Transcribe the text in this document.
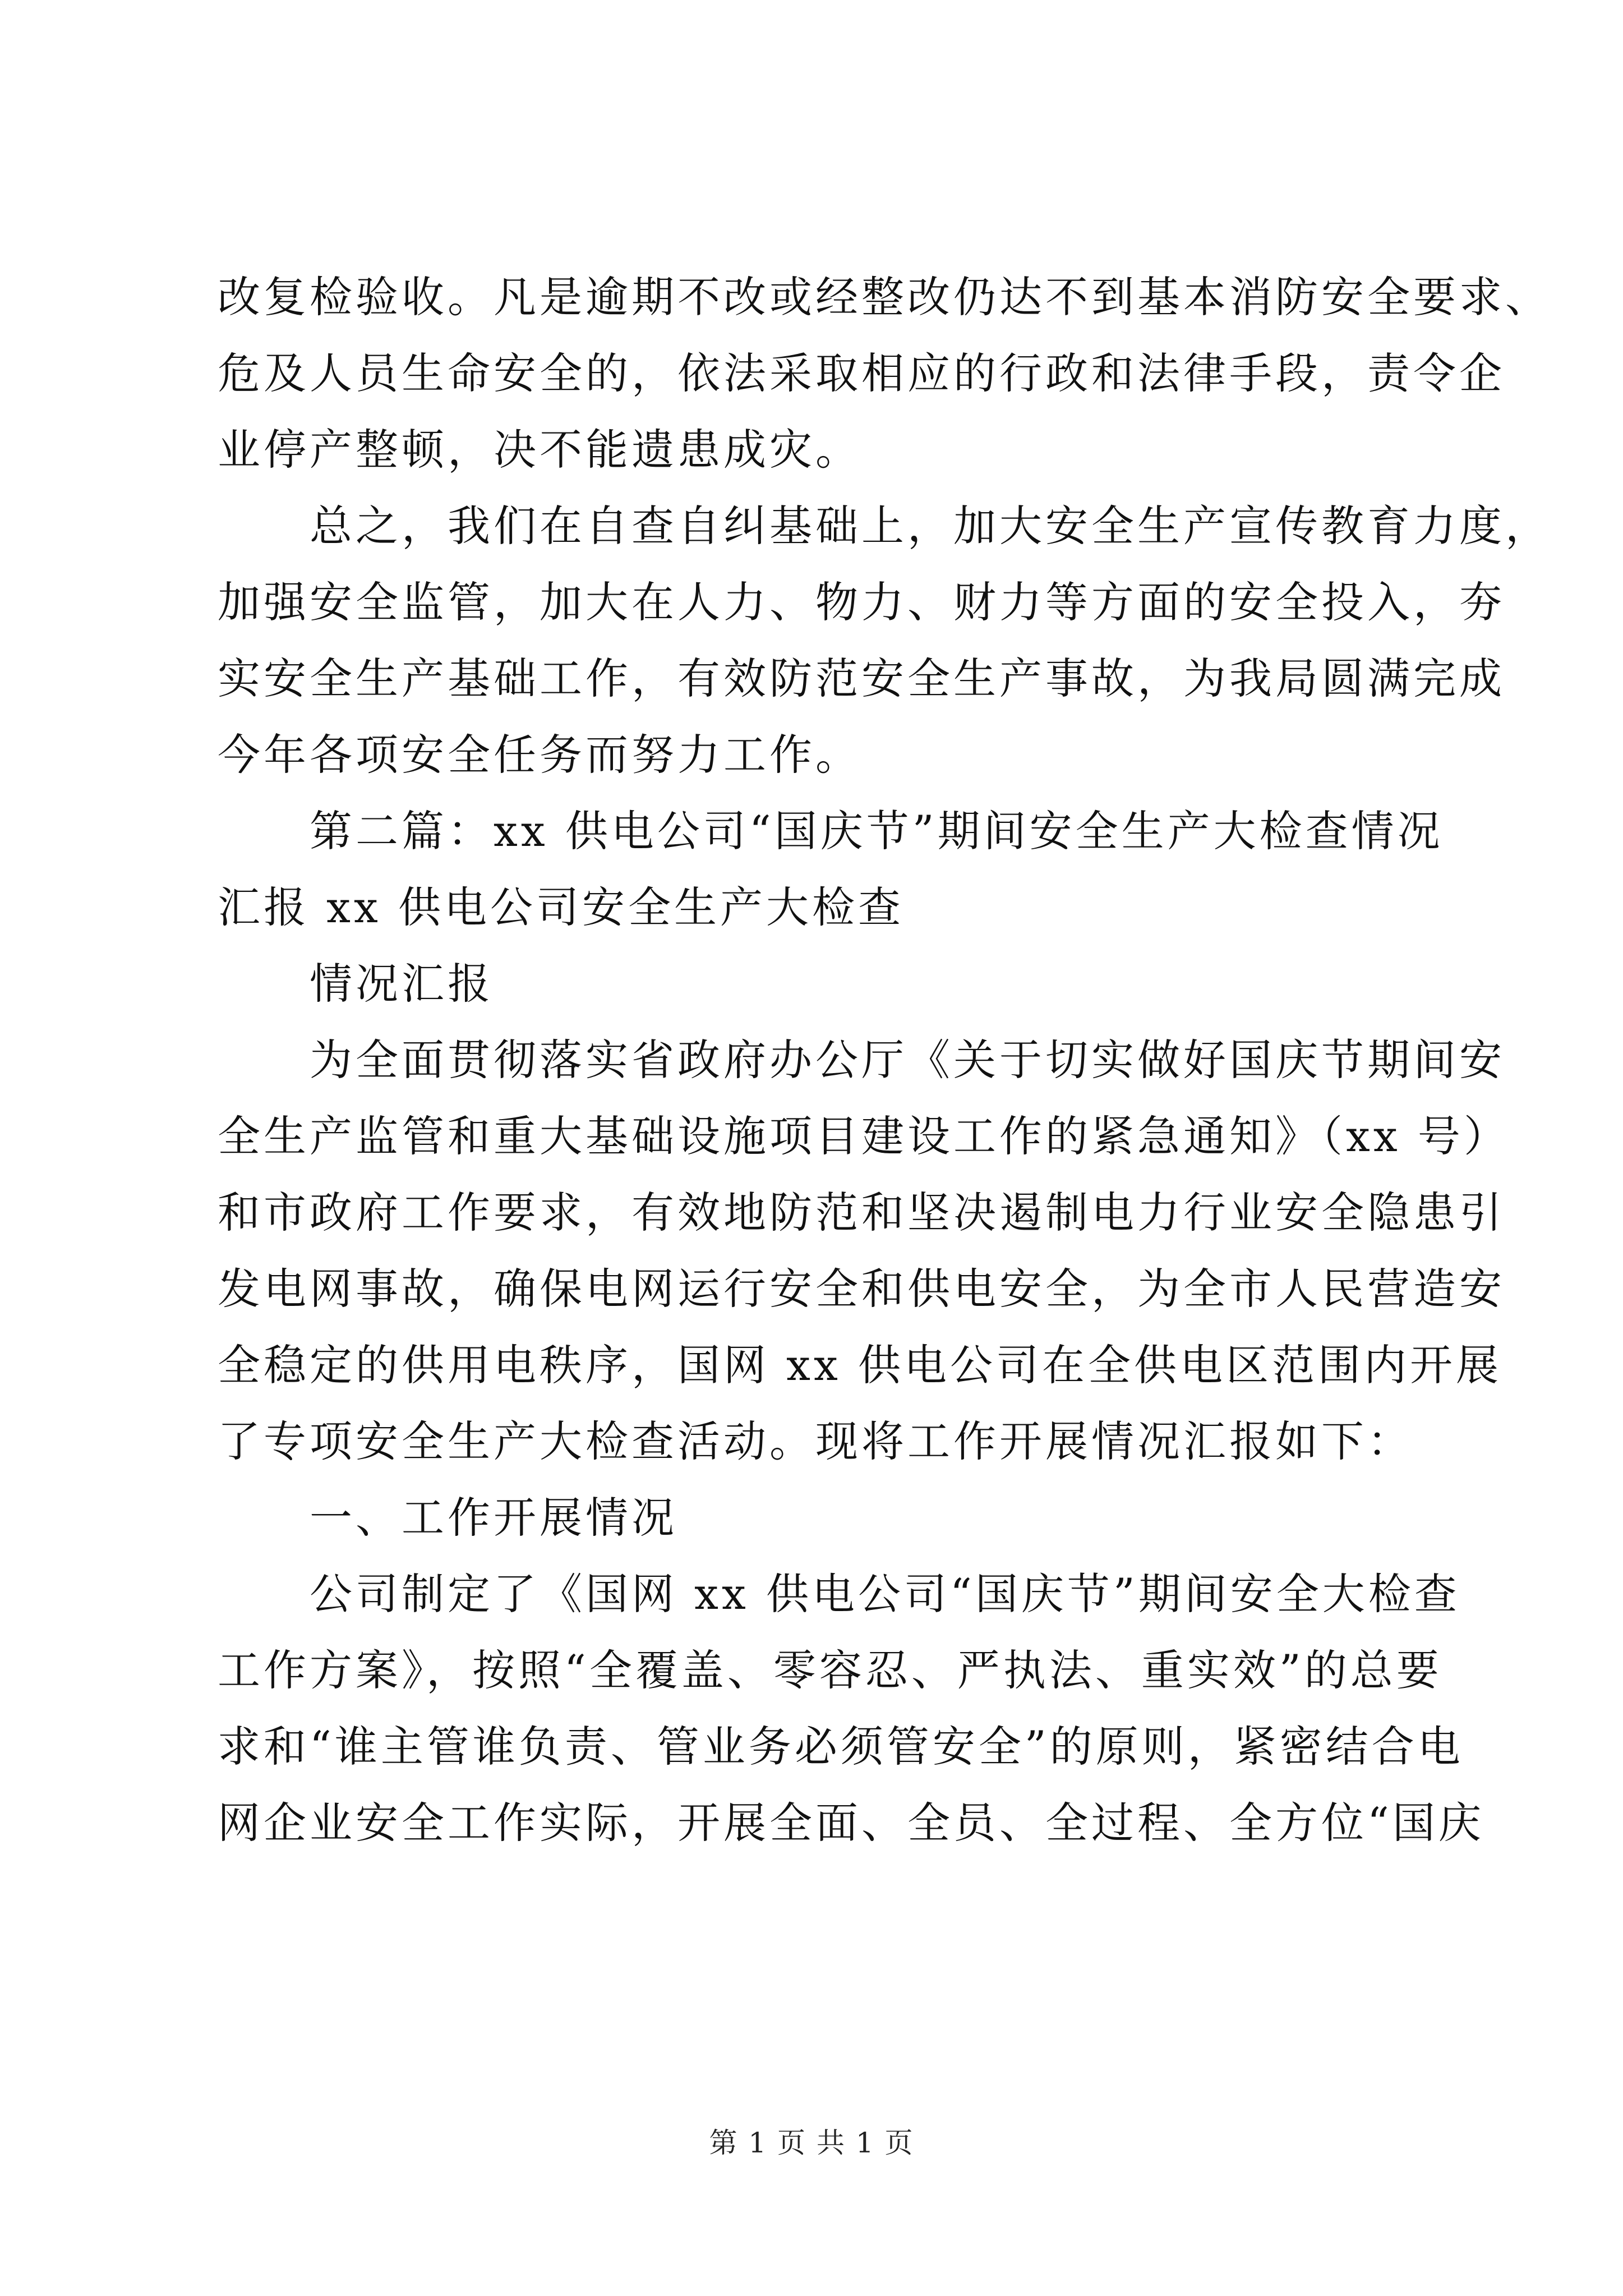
改复检验收。凡是逾期不改或经整改仍达不到基本消防安全要求、
危及人员生命安全的，依法采取相应的行政和法律手段，责令企
业停产整顿，决不能遗患成灾。
　　总之，我们在自查自纠基础上，加大安全生产宣传教育力度，
加强安全监管，加大在人力、物力、财力等方面的安全投入，夯
实安全生产基础工作，有效防范安全生产事故，为我局圆满完成
今年各项安全任务而努力工作。
　　第二篇：xx 供电公司“国庆节”期间安全生产大检查情况
汇报 xx 供电公司安全生产大检查
　　情况汇报
　　为全面贯彻落实省政府办公厅《关于切实做好国庆节期间安
全生产监管和重大基础设施项目建设工作的紧急通知》（xx 号）
和市政府工作要求，有效地防范和坚决遏制电力行业安全隐患引
发电网事故，确保电网运行安全和供电安全，为全市人民营造安
全稳定的供用电秩序，国网 xx 供电公司在全供电区范围内开展
了专项安全生产大检查活动。现将工作开展情况汇报如下：
　　一、工作开展情况
　　公司制定了《国网 xx 供电公司“国庆节”期间安全大检查
工作方案》，按照“全覆盖、零容忍、严执法、重实效”的总要
求和“谁主管谁负责、管业务必须管安全”的原则，紧密结合电
网企业安全工作实际，开展全面、全员、全过程、全方位“国庆
第 1 页 共 1 页
